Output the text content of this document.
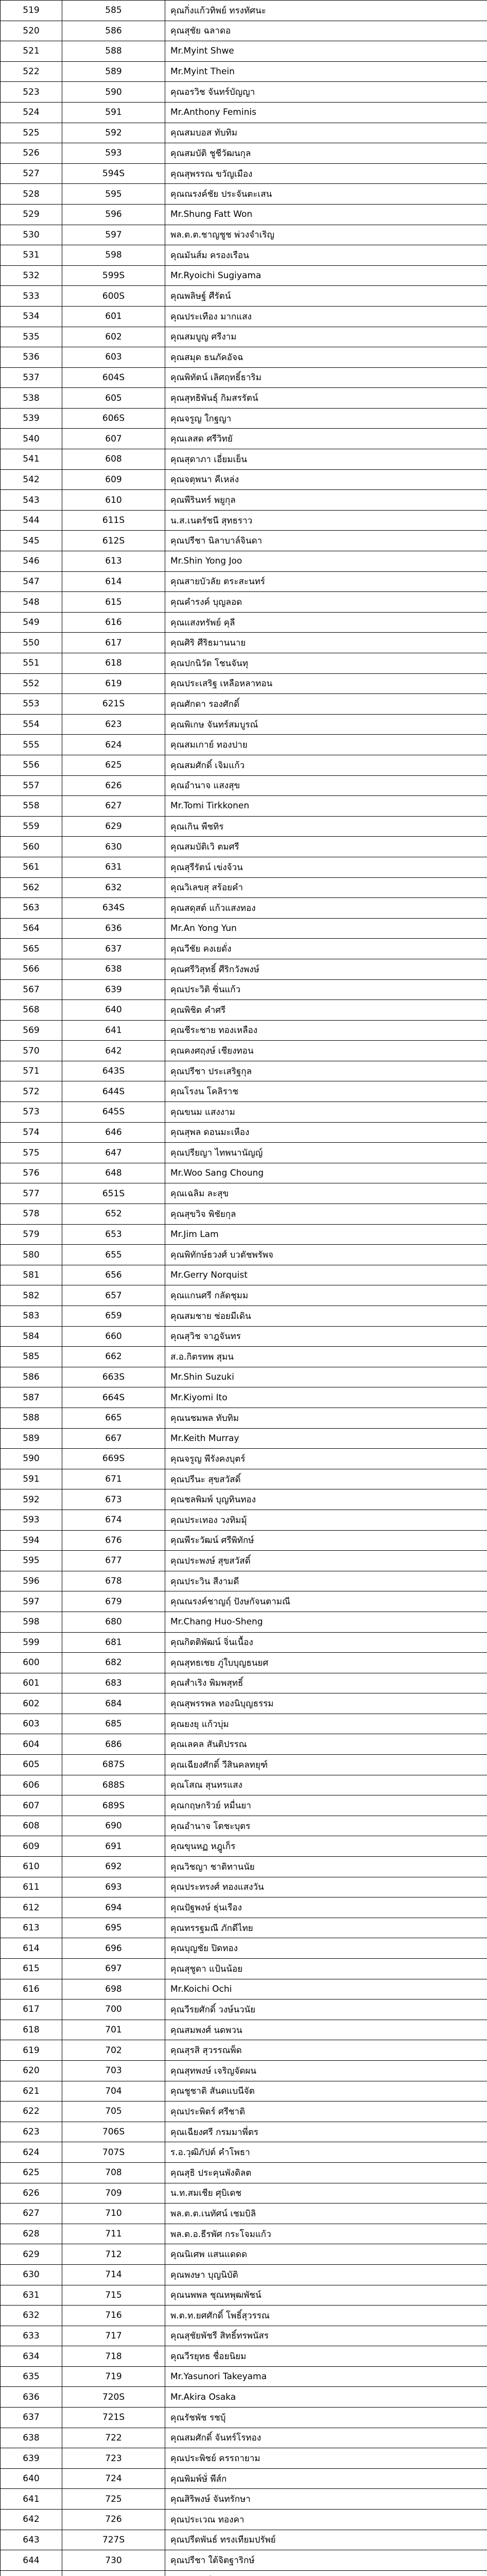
519	585	คุณกิ่งแก้วทิพย์ ทรงทัศนะ
520	586	คุณสุชัย ฉลาดอ
521	588	Mr.Myint Shwe
522	589	Mr.Myint Thein
523	590	คุณอรวิช จันทร์บัญญา
524	591	Mr.Anthony Feminis
525	592	คุณสมบอส ทับทิม
526	593	คุณสมบัติ ชูชีวัฒนกุล
527	594S	คุณสุพรรณ ขวัญเมือง
528	595	คุณณรงค์ชัย ประจันตะเสน
529	596	Mr.Shung Fatt Won
530	597	พล.ต.ต.ชาญชูช พ่วงจำเริญ
531	598	คุณมันส์ม ครองเรือน
532	599S	Mr.Ryoichi Sugiyama
533	600S	คุณพลิษฐ์ ศีรัตน์
534	601	คุณประเทือง มากแสง
535	602	คุณสมบูญ ศรีงาม
536	603	คุณสมุด ธนภัคอัจฉ
537	604S	คุณพิทัตน์ เลิศฤทธิ์ธาริม
538	605	คุณสุทธิพันธุ์ กิมสรรัตน์
539	606S	คุณจรูญ ใกฐญา
540	607	คุณเลสด ศรีวิทยั
541	608	คุณสุดาภา เอี่ยมเย็น
542	609	คุณจตุพนา คีเหล่ง
543	610	คุณพีรินทร์ พยูกุล
544	611S	น.ส.เนตรัชนี สุทธราว
545	612S	คุณปรีชา นิลาบาล์จินดา
546	613	Mr.Shin Yong Joo
547	614	คุณสายบัวลัย ตระสะนทร์
548	615	คุณคำรงค์ บุญลอด
549	616	คุณแสงทรัพย์ คุลี
550	617	คุณศิริ ศีริธมานนาย
551	618	คุณปกนิวัต โชนจันทุ
552	619	คุณประเสริฐ เหลือหลาทอน
553	621S	คุณศักดา รองศักดิ์
554	623	คุณพิเกษ จันทร์สมบูรณ์
555	624	คุณสมเกาย์ ทองปาย
556	625	คุณสมศักดิ์ เจิมแก้ว
557	626	คุณอำนาจ แสงสุข
558	627	Mr.Tomi Tirkkonen
559	629	คุณเกิน พืชทิร
560	630	คุณสมบัติเวิ ตมศรี
561	631	คุณสุรีรัตน์ เข่งจ้วน
562	632	คุณวิเลขสุ สร้อยคำ
563	634S	คุณสดุสต์ แก้วแสงทอง
564	636	Mr.An Yong Yun
565	637	คุณวีชัย คงเยดั่ง
566	638	คุณศรีวิสุทธิ์ ศีริกวังพงษ์
567	639	คุณประวิติ ซิ่นแก้ว
568	640	คุณพิชิต คำศรี
569	641	คุณชีระชาย ทองเหลือง
570	642	คุณคงศฤงษ์ เชียงทอน
571	643S	คุณปรีชา ประเสริฐกุล
572	644S	คุณโรงน โคลิราช
573	645S	คุณขนม แสงงาม
574	646	คุณสุพล ดอนมะเหือง
575	647	คุณปรียญา ไทพนานัญญ์
576	648	Mr.Woo Sang Choung
577	651S	คุณเฉลิม ละสุข
578	652	คุณสุขวิจ พิชัยกุล
579	653	Mr.Jim Lam
580	655	คุณพิทักษ์ธวงศ์ บวตัชพรัพจ
581	656	Mr.Gerry Norquist
582	657	คุณแกนศรี กลัดชุมม
583	659	คุณสมชาย ช่อยมีเดิน
584	660	คุณสุวิช จาฎจันทร
585	662	ส.อ.กิตรทพ สุมน
586	663S	Mr.Shin Suzuki
587	664S	Mr.Kiyomi Ito
588	665	คุณนชมพล ทับทิม
589	667	Mr.Keith Murray
590	669S	คุณจรูญ พีรังคงบุตร์
591	671	คุณปรีนะ สุขสวัสดิ์
592	673	คุณชลพิมพ์ บุญทินทอง
593	674	คุณประเทอง วงทิมมุ้
594	676	คุณพีระวัฒน์ ศรีพิทักษ์
595	677	คุณประพงษ์ สุขสวัสดิ์
596	678	คุณประวิน สีงามดี
597	679	คุณณรงค์ชาญฤ์ ปังษกัจนตามณี
598	680	Mr.Chang Huo-Sheng
599	681	คุณกิตติพัฒน์ จิ่นเนื้อง
600	682	คุณสุทธเชย ภู่ใบบุญธนยศ
601	683	คุณสำเริง พิมพสุทธิ์
602	684	คุณสุพรรพล ทองนิบุญธรรม
603	685	คุณยงยุ แก้วบุ่ม
604	686	คุณเลคล สันติปรรณ
605	687S	คุณเฉียงศักดิ์ วีสินคลทยุฑ์
606	688S	คุณโสณ สุนทรแสง
607	689S	คุณกฤษกริวย์ หมื่นยา
608	690	คุณอำนาจ โตชะบุตร
609	691	คุณขุนหฏ หฎูเก็ร
610	692	คุณวิชญา ชาติทานนัย
611	693	คุณประทรงศ์ ทองแสงวัน
612	694	คุณปัฐพงษ์ ธุ่นเรือง
613	695	คุณทรรฐมณี ภักดีไทย
614	696	คุณบุญชัย ปิดทอง
615	697	คุณสุชูดา แป้นน้อย
616	698	Mr.Koichi Ochi
617	700	คุณวีรยศักดิ์ วงษ์นวนัย
618	701	คุณสมพงศ์ นดพวน
619	702	คุณสุรสิ สุวรรณพ็ด
620	703	คุณสุทพงษ์ เจริญจัดผน
621	704	คุณชูชาติ สันดแบนีจัต
622	705	คุณประพิตร์ ศรีชาติ
623	706S	คุณเฉียงศรี กรมมาพี่ตร
624	707S	ร.อ.วุฒิภัปต์ คำโพธา
625	708	คุณสุธิ ประคุนพังดิลต
626	709	น.ท.สมเชีย ศุบิเดช
627	710	พล.ต.ต.เนทัศน์ เชมบิลิ
628	711	พล.ต.อ.ธีรพัศ กระโจมแก้ว
629	712	คุณนิเศพ แสนแดดด
630	714	คุณพงษา บุญนิบัติ
631	715	คุณนพพล ชุณหพุฒพัชน์
632	716	พ.ต.ท.ยศศักดิ์ โพธิ์สุวรรณ
633	717	คุณสุชัยพัชรี สิทธิ์ทรพนัสร
634	718	คุณวีรยุทธ ชื่อยนิยม
635	719	Mr.Yasunori Takeyama
636	720S	Mr.Akira Osaka
637	721S	คุณรัชพัช รชบุ้
638	722	คุณสมศักดิ์ จันทร์โรทอง
639	723	คุณประพิชย์ ครรถายาม
640	724	คุณพิมพ์ษั่ พีส์ก
641	725	คุณสิริพงษ์ จันทรักษา
642	726	คุณประเวณ ทองคา
643	727S	คุณปรีดพันธ์ ทรงเทียมปรัพย์
644	730	คุณปรีชา ใต้จิตฐาริกษ์
